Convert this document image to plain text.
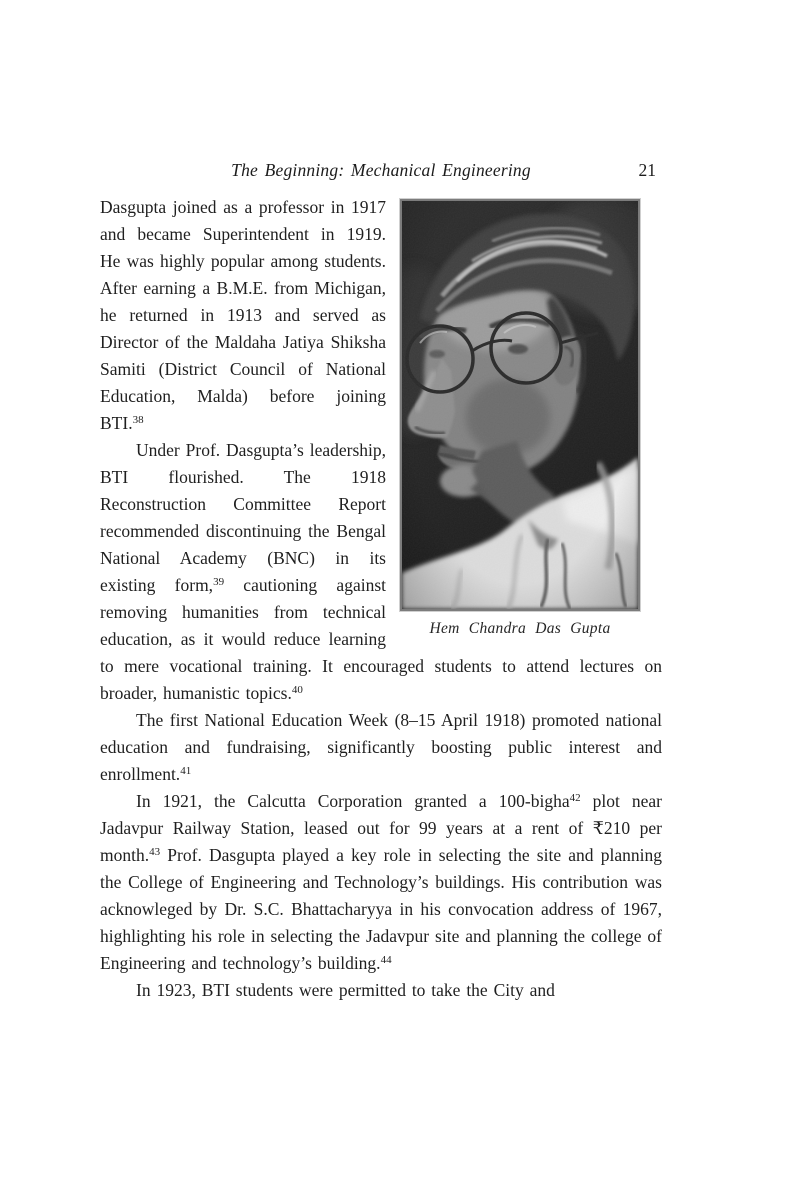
The Beginning: Mechanical Engineering	21
Hem Chandra Das Gupta

Dasgupta joined as a professor in 1917 and became Superintendent in 1919. He was highly popular among students. After earning a B.M.E. from Michigan, he returned in 1913 and served as Director of the Maldaha Jatiya Shiksha Samiti (District Council of National Education, Malda) before joining BTI.$^{38}$

Under Prof. Dasgupta’s leadership, BTI flourished. The 1918 Reconstruction Committee Report recommended discontinuing the Bengal National Academy (BNC) in its existing form,$^{39}$ cautioning against removing humanities from technical education, as it would reduce learning to mere vocational training. It encouraged students to attend lectures on broader, humanistic topics.$^{40}$

The first National Education Week (8–15 April 1918) promoted national education and fundraising, significantly boosting public interest and enrollment.$^{41}$

In 1921, the Calcutta Corporation granted a 100-bigha$^{42}$ plot near Jadavpur Railway Station, leased out for 99 years at a rent of ₹210 per month.$^{43}$ Prof. Dasgupta played a key role in selecting the site and planning the College of Engineering and Technology’s buildings. His contribution was acknowleged by Dr. S.C. Bhattacharyya in his convocation address of 1967, highlighting his role in selecting the Jadavpur site and planning the college of Engineering and technology’s building.$^{44}$

In 1923, BTI students were permitted to take the City and
